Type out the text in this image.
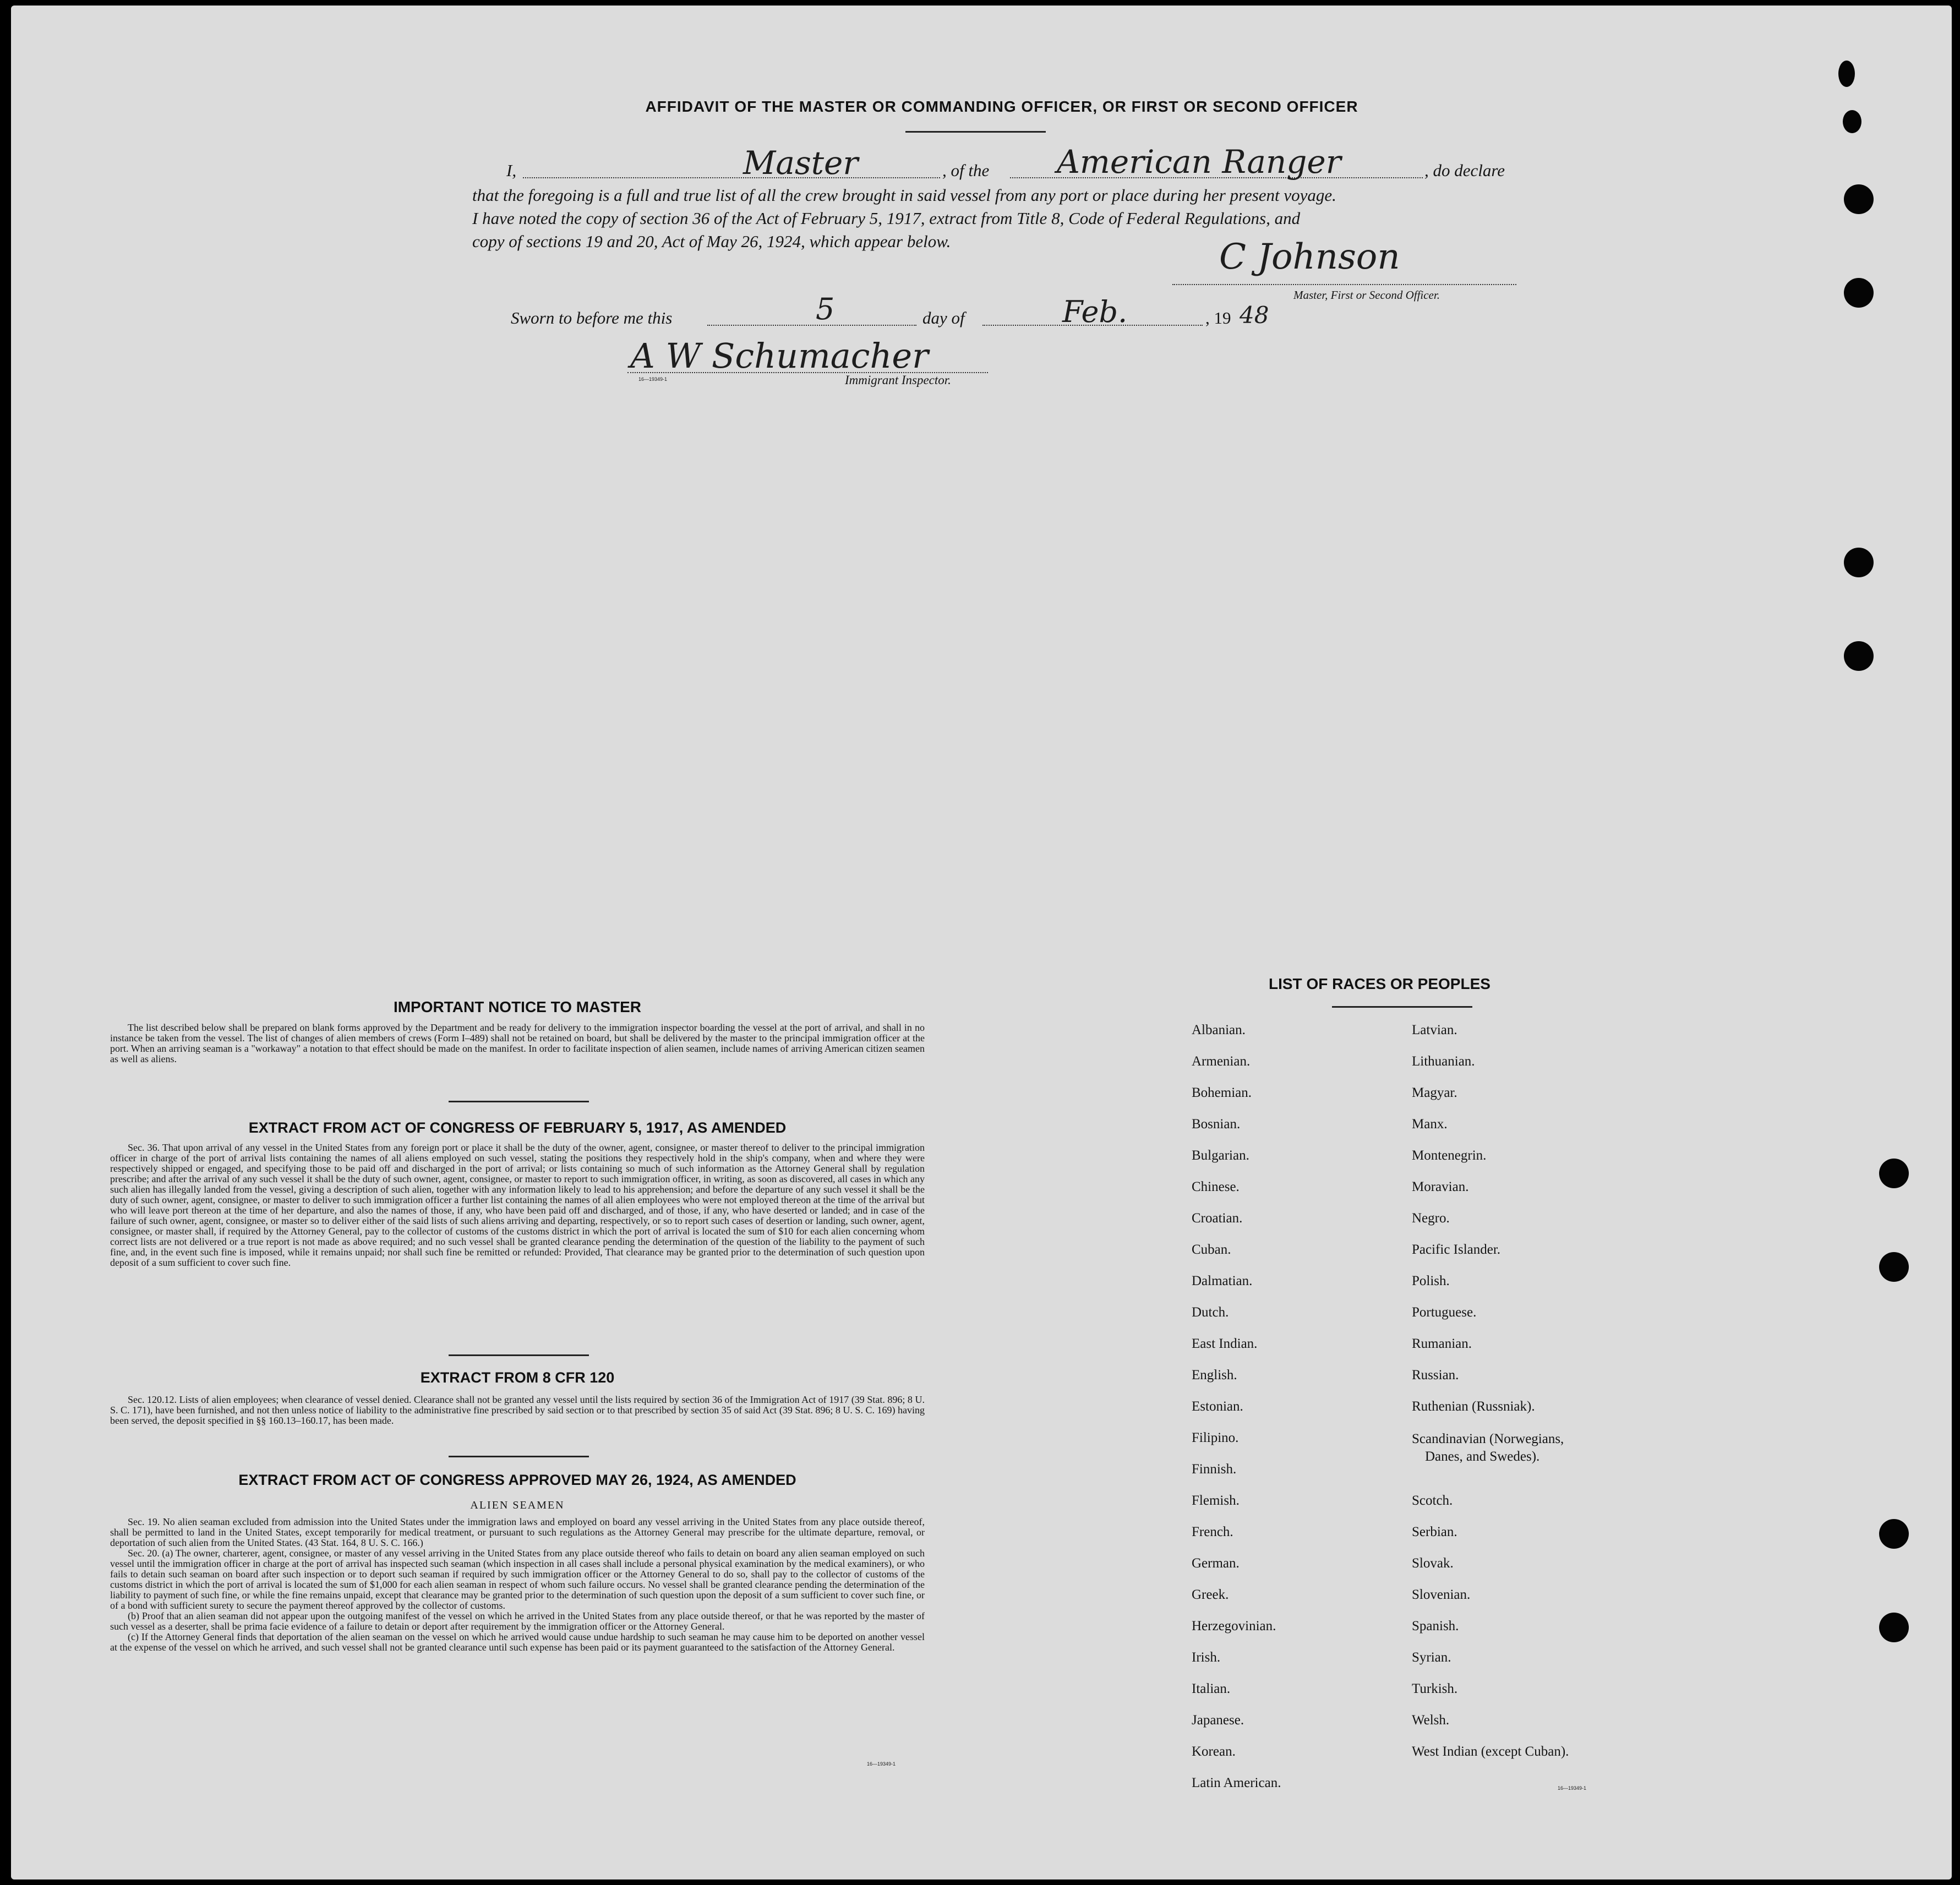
AFFIDAVIT OF THE MASTER OR COMMANDING OFFICER, OR FIRST OR SECOND OFFICER
I,	Master	, of the American Ranger	, do declare
that the foregoing is a full and true list of all the crew brought in said vessel from any port or place during her present voyage.
I have noted the copy of section 36 of the Act of February 5, 1917, extract from Title 8, Code of Federal Regulations, and
copy of sections 19 and 20, Act of May 26, 1924, which appear below.	C Johnson
Master, First or Second Officer.
Sworn to before me this	5	day of	Feb.	, 19 48
A W Schumacher
16—19349-1	Immigrant Inspector.
IMPORTANT NOTICE TO MASTER

The list described below shall be prepared on blank forms approved by the Department and be ready for delivery to the immigration inspector boarding the vessel at the port of arrival, and shall in no instance be taken from the vessel. The list of changes of alien members of crews (Form I–489) shall not be retained on board, but shall be delivered by the master to the principal immigration officer at the port. When an arriving seaman is a "workaway" a notation to that effect should be made on the manifest. In order to facilitate inspection of alien seamen, include names of arriving American citizen seamen as well as aliens.

EXTRACT FROM ACT OF CONGRESS OF FEBRUARY 5, 1917, AS AMENDED

Sec. 36. That upon arrival of any vessel in the United States from any foreign port or place it shall be the duty of the owner, agent, consignee, or master thereof to deliver to the principal immigration officer in charge of the port of arrival lists containing the names of all aliens employed on such vessel, stating the positions they respectively hold in the ship's company, when and where they were respectively shipped or engaged, and specifying those to be paid off and discharged in the port of arrival; or lists containing so much of such information as the Attorney General shall by regulation prescribe; and after the arrival of any such vessel it shall be the duty of such owner, agent, consignee, or master to report to such immigration officer, in writing, as soon as discovered, all cases in which any such alien has illegally landed from the vessel, giving a description of such alien, together with any information likely to lead to his apprehension; and before the departure of any such vessel it shall be the duty of such owner, agent, consignee, or master to deliver to such immigration officer a further list containing the names of all alien employees who were not employed thereon at the time of the arrival but who will leave port thereon at the time of her departure, and also the names of those, if any, who have been paid off and discharged, and of those, if any, who have deserted or landed; and in case of the failure of such owner, agent, consignee, or master so to deliver either of the said lists of such aliens arriving and departing, respectively, or so to report such cases of desertion or landing, such owner, agent, consignee, or master shall, if required by the Attorney General, pay to the collector of customs of the customs district in which the port of arrival is located the sum of $10 for each alien concerning whom correct lists are not delivered or a true report is not made as above required; and no such vessel shall be granted clearance pending the determination of the question of the liability to the payment of such fine, and, in the event such fine is imposed, while it remains unpaid; nor shall such fine be remitted or refunded: Provided, That clearance may be granted prior to the determination of such question upon deposit of a sum sufficient to cover such fine.

EXTRACT FROM 8 CFR 120

Sec. 120.12. Lists of alien employees; when clearance of vessel denied. Clearance shall not be granted any vessel until the lists required by section 36 of the Immigration Act of 1917 (39 Stat. 896; 8 U. S. C. 171), have been furnished, and not then unless notice of liability to the administrative fine prescribed by said section or to that prescribed by section 35 of said Act (39 Stat. 896; 8 U. S. C. 169) having been served, the deposit specified in §§ 160.13–160.17, has been made.

EXTRACT FROM ACT OF CONGRESS APPROVED MAY 26, 1924, AS AMENDED
ALIEN SEAMEN

Sec. 19. No alien seaman excluded from admission into the United States under the immigration laws and employed on board any vessel arriving in the United States from any place outside thereof, shall be permitted to land in the United States, except temporarily for medical treatment, or pursuant to such regulations as the Attorney General may prescribe for the ultimate departure, removal, or deportation of such alien from the United States. (43 Stat. 164, 8 U. S. C. 166.)

Sec. 20. (a) The owner, charterer, agent, consignee, or master of any vessel arriving in the United States from any place outside thereof who fails to detain on board any alien seaman employed on such vessel until the immigration officer in charge at the port of arrival has inspected such seaman (which inspection in all cases shall include a personal physical examination by the medical examiners), or who fails to detain such seaman on board after such inspection or to deport such seaman if required by such immigration officer or the Attorney General to do so, shall pay to the collector of customs of the customs district in which the port of arrival is located the sum of $1,000 for each alien seaman in respect of whom such failure occurs. No vessel shall be granted clearance pending the determination of the liability to payment of such fine, or while the fine remains unpaid, except that clearance may be granted prior to the determination of such question upon the deposit of a sum sufficient to cover such fine, or of a bond with sufficient surety to secure the payment thereof approved by the collector of customs.

(b) Proof that an alien seaman did not appear upon the outgoing manifest of the vessel on which he arrived in the United States from any place outside thereof, or that he was reported by the master of such vessel as a deserter, shall be prima facie evidence of a failure to detain or deport after requirement by the immigration officer or the Attorney General.

(c) If the Attorney General finds that deportation of the alien seaman on the vessel on which he arrived would cause undue hardship to such seaman he may cause him to be deported on another vessel at the expense of the vessel on which he arrived, and such vessel shall not be granted clearance until such expense has been paid or its payment guaranteed to the satisfaction of the Attorney General.

16—19349-1
LIST OF RACES OR PEOPLES
Albanian.
Armenian.
Bohemian.
Bosnian.
Bulgarian.
Chinese.
Croatian.
Cuban.
Dalmatian.
Dutch.
East Indian.
English.
Estonian.
Filipino.
Finnish.
Flemish.
French.
German.
Greek.
Herzegovinian.
Irish.
Italian.
Japanese.
Korean.
Latin American.
Latvian.
Lithuanian.
Magyar.
Manx.
Montenegrin.
Moravian.
Negro.
Pacific Islander.
Polish.
Portuguese.
Rumanian.
Russian.
Ruthenian (Russniak).
Scandinavian (Norwegians,
Danes, and Swedes).
Scotch.
Serbian.
Slovak.
Slovenian.
Spanish.
Syrian.
Turkish.
Welsh.
West Indian (except Cuban).
16—19349-1
